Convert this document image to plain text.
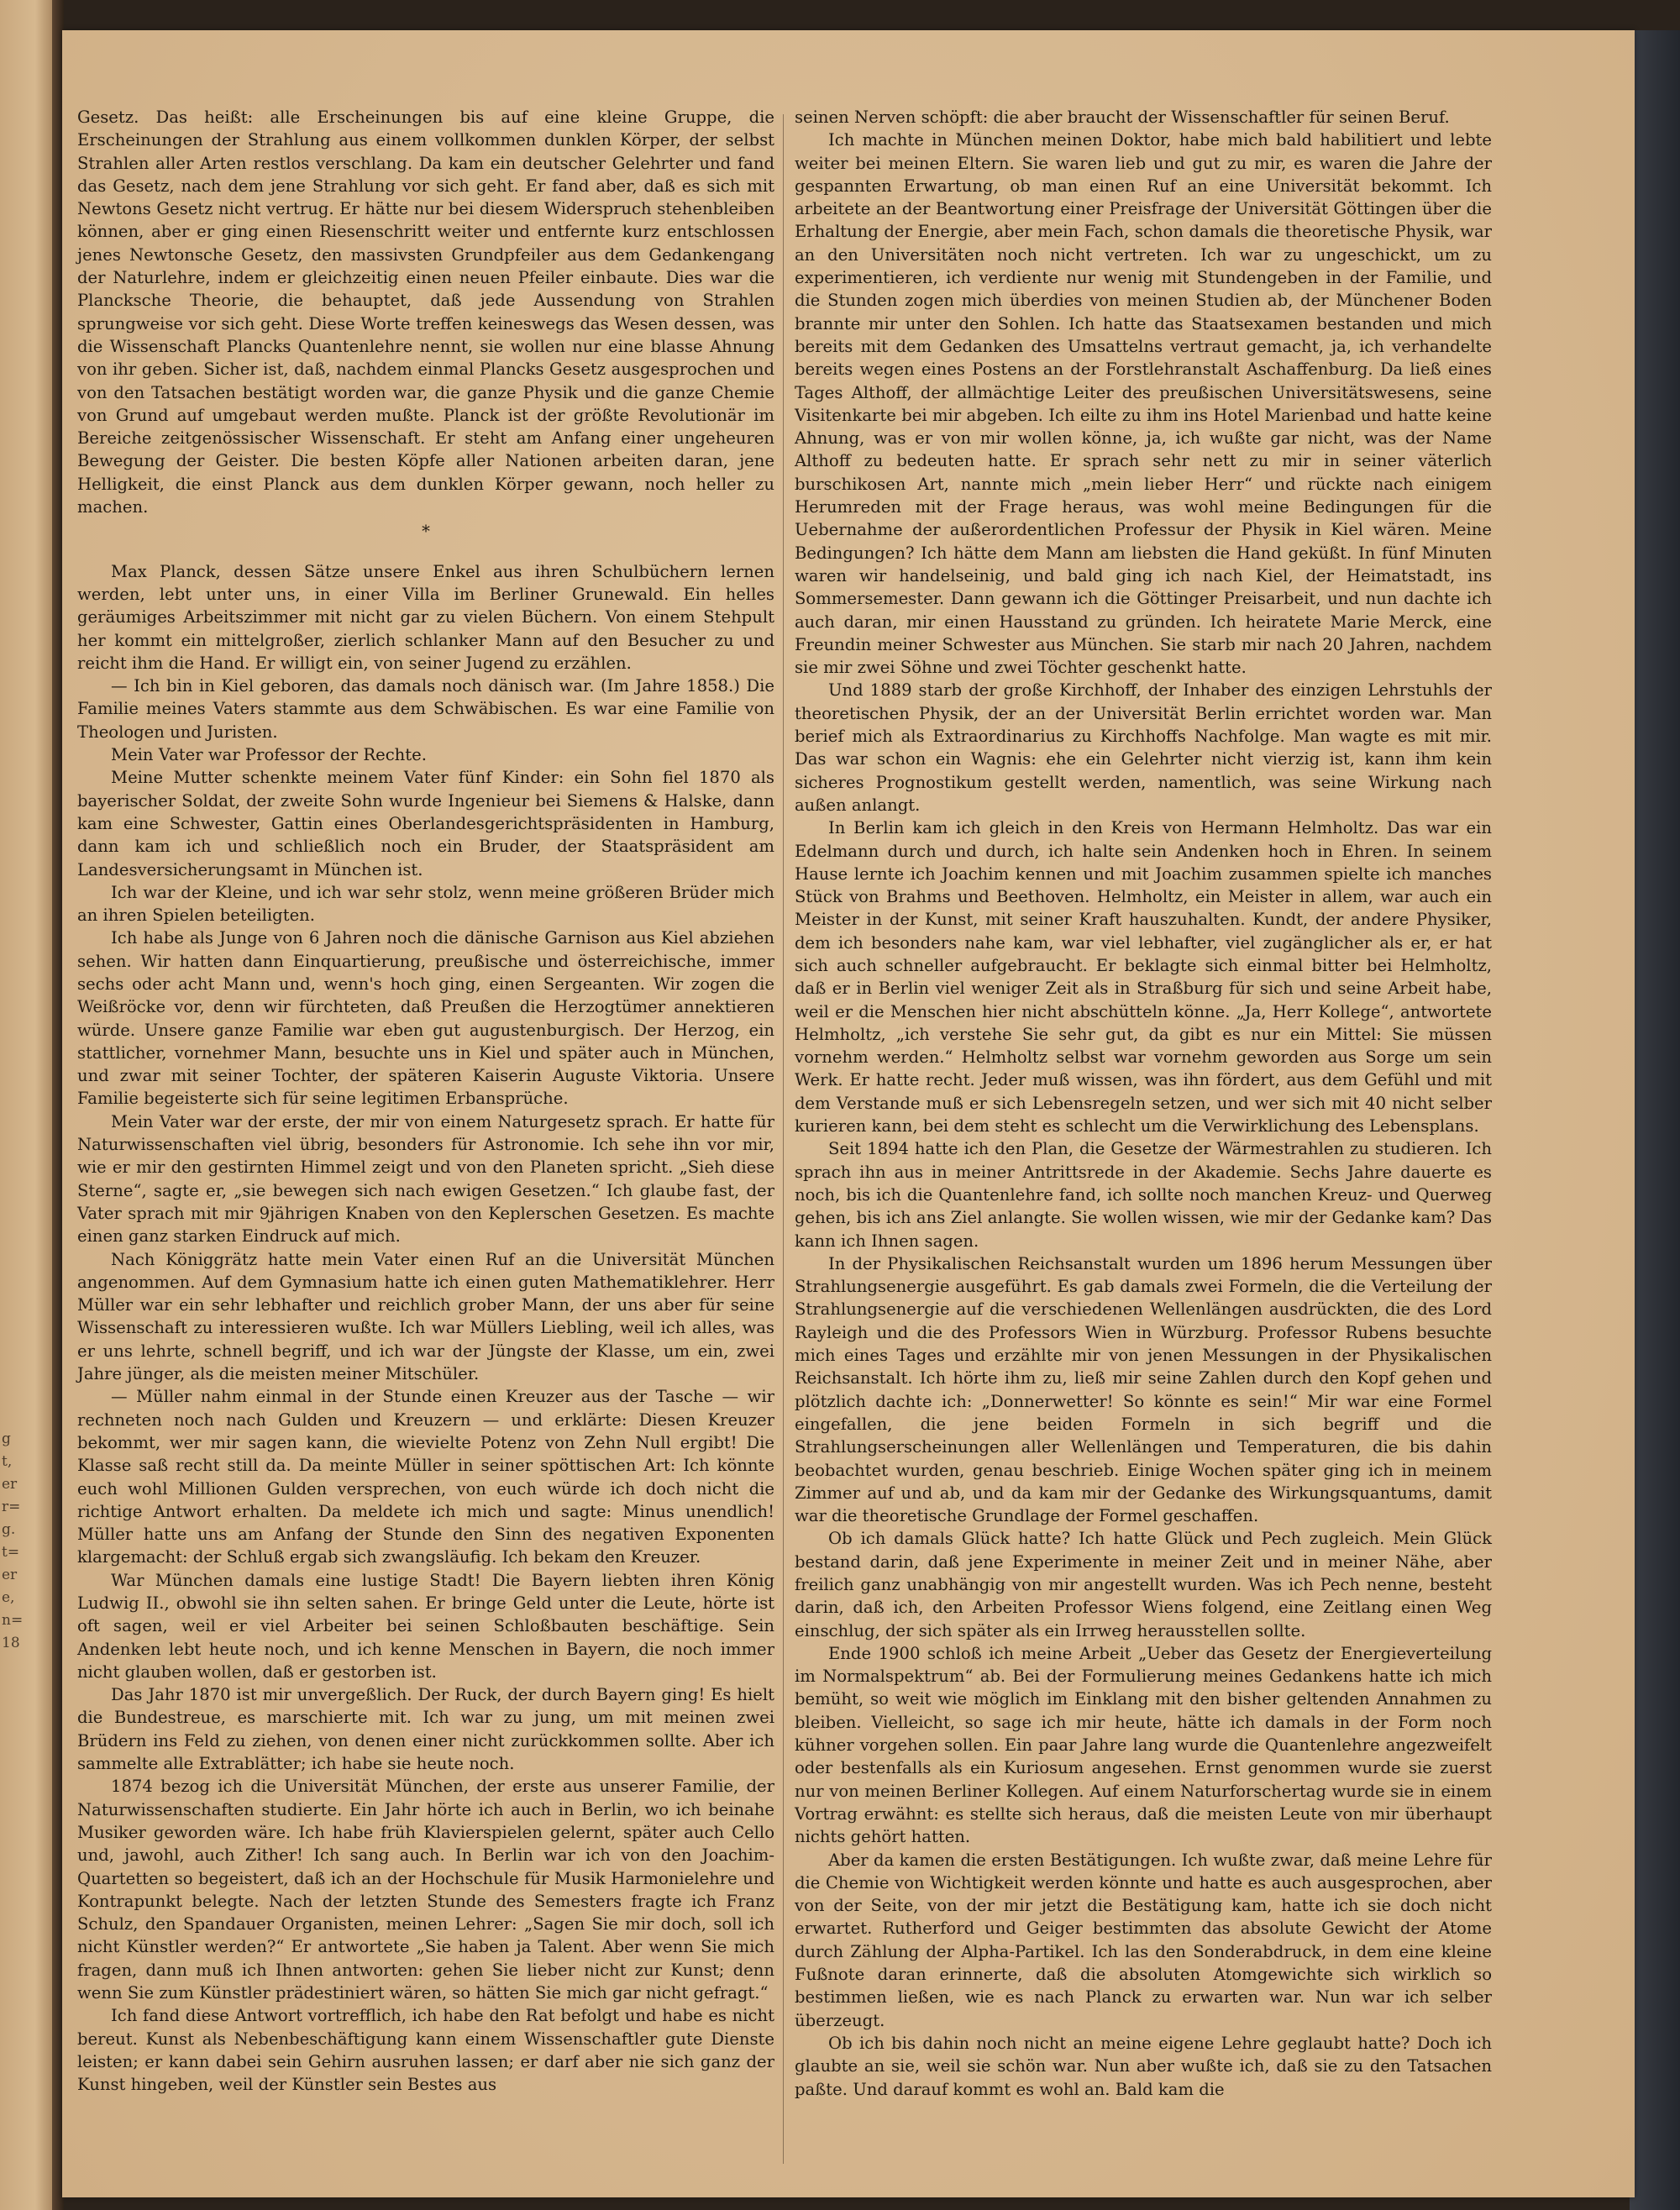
g
t,
er
r=
g.
t=
er
e,
n=
18

Gesetz. Das heißt: alle Erscheinungen bis auf eine kleine Gruppe, die Erscheinungen der Strahlung aus einem vollkommen dunklen Körper, der selbst Strahlen aller Arten restlos verschlang. Da kam ein deutscher Gelehrter und fand das Gesetz, nach dem jene Strahlung vor sich geht. Er fand aber, daß es sich mit Newtons Gesetz nicht vertrug. Er hätte nur bei diesem Widerspruch stehenbleiben können, aber er ging einen Riesenschritt weiter und entfernte kurz entschlossen jenes Newtonsche Gesetz, den massivsten Grundpfeiler aus dem Gedankengang der Naturlehre, indem er gleichzeitig einen neuen Pfeiler einbaute. Dies war die Plancksche Theorie, die behauptet, daß jede Aussendung von Strahlen sprungweise vor sich geht. Diese Worte treffen keineswegs das Wesen dessen, was die Wissenschaft Plancks Quantenlehre nennt, sie wollen nur eine blasse Ahnung von ihr geben. Sicher ist, daß, nachdem einmal Plancks Gesetz ausgesprochen und von den Tatsachen bestätigt worden war, die ganze Physik und die ganze Chemie von Grund auf umgebaut werden mußte. Planck ist der größte Revolutionär im Bereiche zeitgenössischer Wissenschaft. Er steht am Anfang einer ungeheuren Bewegung der Geister. Die besten Köpfe aller Nationen arbeiten daran, jene Helligkeit, die einst Planck aus dem dunklen Körper gewann, noch heller zu machen.

*

Max Planck, dessen Sätze unsere Enkel aus ihren Schulbüchern lernen werden, lebt unter uns, in einer Villa im Berliner Grunewald. Ein helles geräumiges Arbeitszimmer mit nicht gar zu vielen Büchern. Von einem Stehpult her kommt ein mittelgroßer, zierlich schlanker Mann auf den Besucher zu und reicht ihm die Hand. Er willigt ein, von seiner Jugend zu erzählen.

— Ich bin in Kiel geboren, das damals noch dänisch war. (Im Jahre 1858.) Die Familie meines Vaters stammte aus dem Schwäbischen. Es war eine Familie von Theologen und Juristen.

Mein Vater war Professor der Rechte.

Meine Mutter schenkte meinem Vater fünf Kinder: ein Sohn fiel 1870 als bayerischer Soldat, der zweite Sohn wurde Ingenieur bei Siemens & Halske, dann kam eine Schwester, Gattin eines Oberlandesgerichtspräsidenten in Hamburg, dann kam ich und schließlich noch ein Bruder, der Staatspräsident am Landesversicherungsamt in München ist.

Ich war der Kleine, und ich war sehr stolz, wenn meine größeren Brüder mich an ihren Spielen beteiligten.

Ich habe als Junge von 6 Jahren noch die dänische Garnison aus Kiel abziehen sehen. Wir hatten dann Einquartierung, preußische und österreichische, immer sechs oder acht Mann und, wenn's hoch ging, einen Sergeanten. Wir zogen die Weißröcke vor, denn wir fürchteten, daß Preußen die Herzogtümer annektieren würde. Unsere ganze Familie war eben gut augustenburgisch. Der Herzog, ein stattlicher, vornehmer Mann, besuchte uns in Kiel und später auch in München, und zwar mit seiner Tochter, der späteren Kaiserin Auguste Viktoria. Unsere Familie begeisterte sich für seine legitimen Erbansprüche.

Mein Vater war der erste, der mir von einem Naturgesetz sprach. Er hatte für Naturwissenschaften viel übrig, besonders für Astronomie. Ich sehe ihn vor mir, wie er mir den gestirnten Himmel zeigt und von den Planeten spricht. „Sieh diese Sterne“, sagte er, „sie bewegen sich nach ewigen Gesetzen.“ Ich glaube fast, der Vater sprach mit mir 9jährigen Knaben von den Keplerschen Gesetzen. Es machte einen ganz starken Eindruck auf mich.

Nach Königgrätz hatte mein Vater einen Ruf an die Universität München angenommen. Auf dem Gymnasium hatte ich einen guten Mathematiklehrer. Herr Müller war ein sehr lebhafter und reichlich grober Mann, der uns aber für seine Wissenschaft zu interessieren wußte. Ich war Müllers Liebling, weil ich alles, was er uns lehrte, schnell begriff, und ich war der Jüngste der Klasse, um ein, zwei Jahre jünger, als die meisten meiner Mitschüler.

— Müller nahm einmal in der Stunde einen Kreuzer aus der Tasche — wir rechneten noch nach Gulden und Kreuzern — und erklärte: Diesen Kreuzer bekommt, wer mir sagen kann, die wievielte Potenz von Zehn Null ergibt! Die Klasse saß recht still da. Da meinte Müller in seiner spöttischen Art: Ich könnte euch wohl Millionen Gulden versprechen, von euch würde ich doch nicht die richtige Antwort erhalten. Da meldete ich mich und sagte: Minus unendlich! Müller hatte uns am Anfang der Stunde den Sinn des negativen Exponenten klargemacht: der Schluß ergab sich zwangsläufig. Ich bekam den Kreuzer.

War München damals eine lustige Stadt! Die Bayern liebten ihren König Ludwig II., obwohl sie ihn selten sahen. Er bringe Geld unter die Leute, hörte ist oft sagen, weil er viel Arbeiter bei seinen Schloßbauten beschäftige. Sein Andenken lebt heute noch, und ich kenne Menschen in Bayern, die noch immer nicht glauben wollen, daß er gestorben ist.

Das Jahr 1870 ist mir unvergeßlich. Der Ruck, der durch Bayern ging! Es hielt die Bundestreue, es marschierte mit. Ich war zu jung, um mit meinen zwei Brüdern ins Feld zu ziehen, von denen einer nicht zurückkommen sollte. Aber ich sammelte alle Extrablätter; ich habe sie heute noch.

1874 bezog ich die Universität München, der erste aus unserer Familie, der Naturwissenschaften studierte. Ein Jahr hörte ich auch in Berlin, wo ich beinahe Musiker geworden wäre. Ich habe früh Klavierspielen gelernt, später auch Cello und, jawohl, auch Zither! Ich sang auch. In Berlin war ich von den Joachim-Quartetten so begeistert, daß ich an der Hochschule für Musik Harmonielehre und Kontrapunkt belegte. Nach der letzten Stunde des Semesters fragte ich Franz Schulz, den Spandauer Organisten, meinen Lehrer: „Sagen Sie mir doch, soll ich nicht Künstler werden?“ Er antwortete „Sie haben ja Talent. Aber wenn Sie mich fragen, dann muß ich Ihnen antworten: gehen Sie lieber nicht zur Kunst; denn wenn Sie zum Künstler prädestiniert wären, so hätten Sie mich gar nicht gefragt.“

Ich fand diese Antwort vortrefflich, ich habe den Rat befolgt und habe es nicht bereut. Kunst als Nebenbeschäftigung kann einem Wissenschaftler gute Dienste leisten; er kann dabei sein Gehirn ausruhen lassen; er darf aber nie sich ganz der Kunst hingeben, weil der Künstler sein Bestes aus

seinen Nerven schöpft: die aber braucht der Wissenschaftler für seinen Beruf.

Ich machte in München meinen Doktor, habe mich bald habilitiert und lebte weiter bei meinen Eltern. Sie waren lieb und gut zu mir, es waren die Jahre der gespannten Erwartung, ob man einen Ruf an eine Universität bekommt. Ich arbeitete an der Beantwortung einer Preisfrage der Universität Göttingen über die Erhaltung der Energie, aber mein Fach, schon damals die theoretische Physik, war an den Universitäten noch nicht vertreten. Ich war zu ungeschickt, um zu experimentieren, ich verdiente nur wenig mit Stundengeben in der Familie, und die Stunden zogen mich überdies von meinen Studien ab, der Münchener Boden brannte mir unter den Sohlen. Ich hatte das Staatsexamen bestanden und mich bereits mit dem Gedanken des Umsattelns vertraut gemacht, ja, ich verhandelte bereits wegen eines Postens an der Forstlehranstalt Aschaffenburg. Da ließ eines Tages Althoff, der allmächtige Leiter des preußischen Universitätswesens, seine Visitenkarte bei mir abgeben. Ich eilte zu ihm ins Hotel Marienbad und hatte keine Ahnung, was er von mir wollen könne, ja, ich wußte gar nicht, was der Name Althoff zu bedeuten hatte. Er sprach sehr nett zu mir in seiner väterlich burschikosen Art, nannte mich „mein lieber Herr“ und rückte nach einigem Herumreden mit der Frage heraus, was wohl meine Bedingungen für die Uebernahme der außerordentlichen Professur der Physik in Kiel wären. Meine Bedingungen? Ich hätte dem Mann am liebsten die Hand geküßt. In fünf Minuten waren wir handelseinig, und bald ging ich nach Kiel, der Heimatstadt, ins Sommersemester. Dann gewann ich die Göttinger Preisarbeit, und nun dachte ich auch daran, mir einen Hausstand zu gründen. Ich heiratete Marie Merck, eine Freundin meiner Schwester aus München. Sie starb mir nach 20 Jahren, nachdem sie mir zwei Söhne und zwei Töchter geschenkt hatte.

Und 1889 starb der große Kirchhoff, der Inhaber des einzigen Lehrstuhls der theoretischen Physik, der an der Universität Berlin errichtet worden war. Man berief mich als Extraordinarius zu Kirchhoffs Nachfolge. Man wagte es mit mir. Das war schon ein Wagnis: ehe ein Gelehrter nicht vierzig ist, kann ihm kein sicheres Prognostikum gestellt werden, namentlich, was seine Wirkung nach außen anlangt.

In Berlin kam ich gleich in den Kreis von Hermann Helmholtz. Das war ein Edelmann durch und durch, ich halte sein Andenken hoch in Ehren. In seinem Hause lernte ich Joachim kennen und mit Joachim zusammen spielte ich manches Stück von Brahms und Beethoven. Helmholtz, ein Meister in allem, war auch ein Meister in der Kunst, mit seiner Kraft hauszuhalten. Kundt, der andere Physiker, dem ich besonders nahe kam, war viel lebhafter, viel zugänglicher als er, er hat sich auch schneller aufgebraucht. Er beklagte sich einmal bitter bei Helmholtz, daß er in Berlin viel weniger Zeit als in Straßburg für sich und seine Arbeit habe, weil er die Menschen hier nicht abschütteln könne. „Ja, Herr Kollege“, antwortete Helmholtz, „ich verstehe Sie sehr gut, da gibt es nur ein Mittel: Sie müssen vornehm werden.“ Helmholtz selbst war vornehm geworden aus Sorge um sein Werk. Er hatte recht. Jeder muß wissen, was ihn fördert, aus dem Gefühl und mit dem Verstande muß er sich Lebensregeln setzen, und wer sich mit 40 nicht selber kurieren kann, bei dem steht es schlecht um die Verwirklichung des Lebensplans.

Seit 1894 hatte ich den Plan, die Gesetze der Wärmestrahlen zu studieren. Ich sprach ihn aus in meiner Antrittsrede in der Akademie. Sechs Jahre dauerte es noch, bis ich die Quantenlehre fand, ich sollte noch manchen Kreuz- und Querweg gehen, bis ich ans Ziel anlangte. Sie wollen wissen, wie mir der Gedanke kam? Das kann ich Ihnen sagen.

In der Physikalischen Reichsanstalt wurden um 1896 herum Messungen über Strahlungsenergie ausgeführt. Es gab damals zwei Formeln, die die Verteilung der Strahlungsenergie auf die verschiedenen Wellenlängen ausdrückten, die des Lord Rayleigh und die des Professors Wien in Würzburg. Professor Rubens besuchte mich eines Tages und erzählte mir von jenen Messungen in der Physikalischen Reichsanstalt. Ich hörte ihm zu, ließ mir seine Zahlen durch den Kopf gehen und plötzlich dachte ich: „Donnerwetter! So könnte es sein!“ Mir war eine Formel eingefallen, die jene beiden Formeln in sich begriff und die Strahlungserscheinungen aller Wellenlängen und Temperaturen, die bis dahin beobachtet wurden, genau beschrieb. Einige Wochen später ging ich in meinem Zimmer auf und ab, und da kam mir der Gedanke des Wirkungsquantums, damit war die theoretische Grundlage der Formel geschaffen.

Ob ich damals Glück hatte? Ich hatte Glück und Pech zugleich. Mein Glück bestand darin, daß jene Experimente in meiner Zeit und in meiner Nähe, aber freilich ganz unabhängig von mir angestellt wurden. Was ich Pech nenne, besteht darin, daß ich, den Arbeiten Professor Wiens folgend, eine Zeitlang einen Weg einschlug, der sich später als ein Irrweg herausstellen sollte.

Ende 1900 schloß ich meine Arbeit „Ueber das Gesetz der Energieverteilung im Normalspektrum“ ab. Bei der Formulierung meines Gedankens hatte ich mich bemüht, so weit wie möglich im Einklang mit den bisher geltenden Annahmen zu bleiben. Vielleicht, so sage ich mir heute, hätte ich damals in der Form noch kühner vorgehen sollen. Ein paar Jahre lang wurde die Quantenlehre angezweifelt oder bestenfalls als ein Kuriosum angesehen. Ernst genommen wurde sie zuerst nur von meinen Berliner Kollegen. Auf einem Naturforschertag wurde sie in einem Vortrag erwähnt: es stellte sich heraus, daß die meisten Leute von mir überhaupt nichts gehört hatten.

Aber da kamen die ersten Bestätigungen. Ich wußte zwar, daß meine Lehre für die Chemie von Wichtigkeit werden könnte und hatte es auch ausgesprochen, aber von der Seite, von der mir jetzt die Bestätigung kam, hatte ich sie doch nicht erwartet. Rutherford und Geiger bestimmten das absolute Gewicht der Atome durch Zählung der Alpha-Partikel. Ich las den Sonderabdruck, in dem eine kleine Fußnote daran erinnerte, daß die absoluten Atomgewichte sich wirklich so bestimmen ließen, wie es nach Planck zu erwarten war. Nun war ich selber überzeugt.

Ob ich bis dahin noch nicht an meine eigene Lehre geglaubt hatte? Doch ich glaubte an sie, weil sie schön war. Nun aber wußte ich, daß sie zu den Tatsachen paßte. Und darauf kommt es wohl an. Bald kam die
